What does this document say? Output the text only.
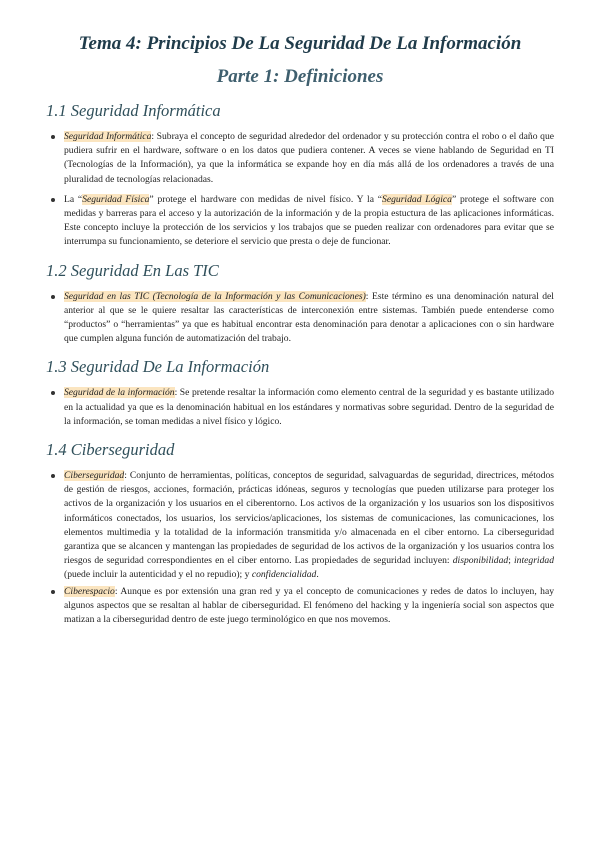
Tema 4: Principios De La Seguridad De La Información
Parte 1: Definiciones
1.1 Seguridad Informática
Seguridad Informática: Subraya el concepto de seguridad alrededor del ordenador y su protección contra el robo o el daño que pudiera sufrir en el hardware, software o en los datos que pudiera contener. A veces se viene hablando de Seguridad en TI (Tecnologías de la Información), ya que la informática se expande hoy en día más allá de los ordenadores a través de una pluralidad de tecnologías relacionadas.
La “Seguridad Física” protege el hardware con medidas de nivel físico. Y la “Seguridad Lógica” protege el software con medidas y barreras para el acceso y la autorización de la información y de la propia estuctura de las aplicaciones informáticas. Este concepto incluye la protección de los servicios y los trabajos que se pueden realizar con ordenadores para evitar que se interrumpa su funcionamiento, se deteriore el servicio que presta o deje de funcionar.
1.2 Seguridad En Las TIC
Seguridad en las TIC (Tecnología de la Información y las Comunicaciones): Este término es una denominación natural del anterior al que se le quiere resaltar las características de interconexión entre sistemas. También puede entenderse como “productos” o “herramientas” ya que es habitual encontrar esta denominación para denotar a aplicaciones con o sin hardware que cumplen alguna función de automatización del trabajo.
1.3 Seguridad De La Información
Seguridad de la información: Se pretende resaltar la información como elemento central de la seguridad y es bastante utilizado en la actualidad ya que es la denominación habitual en los estándares y normativas sobre seguridad. Dentro de la seguridad de la información, se toman medidas a nivel físico y lógico.
1.4 Ciberseguridad
Ciberseguridad: Conjunto de herramientas, políticas, conceptos de seguridad, salvaguardas de seguridad, directrices, métodos de gestión de riesgos, acciones, formación, prácticas idóneas, seguros y tecnologías que pueden utilizarse para proteger los activos de la organización y los usuarios en el ciberentorno. Los activos de la organización y los usuarios son los dispositivos informáticos conectados, los usuarios, los servicios/aplicaciones, los sistemas de comunicaciones, las comunicaciones, los elementos multimedia y la totalidad de la información transmitida y/o almacenada en el ciber entorno. La ciberseguridad garantiza que se alcancen y mantengan las propiedades de seguridad de los activos de la organización y los usuarios contra los riesgos de seguridad correspondientes en el ciber entorno. Las propiedades de seguridad incluyen: disponibilidad; integridad (puede incluir la autenticidad y el no repudio); y confidencialidad.
Ciberespacio: Aunque es por extensión una gran red y ya el concepto de comunicaciones y redes de datos lo incluyen, hay algunos aspectos que se resaltan al hablar de ciberseguridad. El fenómeno del hacking y la ingeniería social son aspectos que matizan a la ciberseguridad dentro de este juego terminológico en que nos movemos.
